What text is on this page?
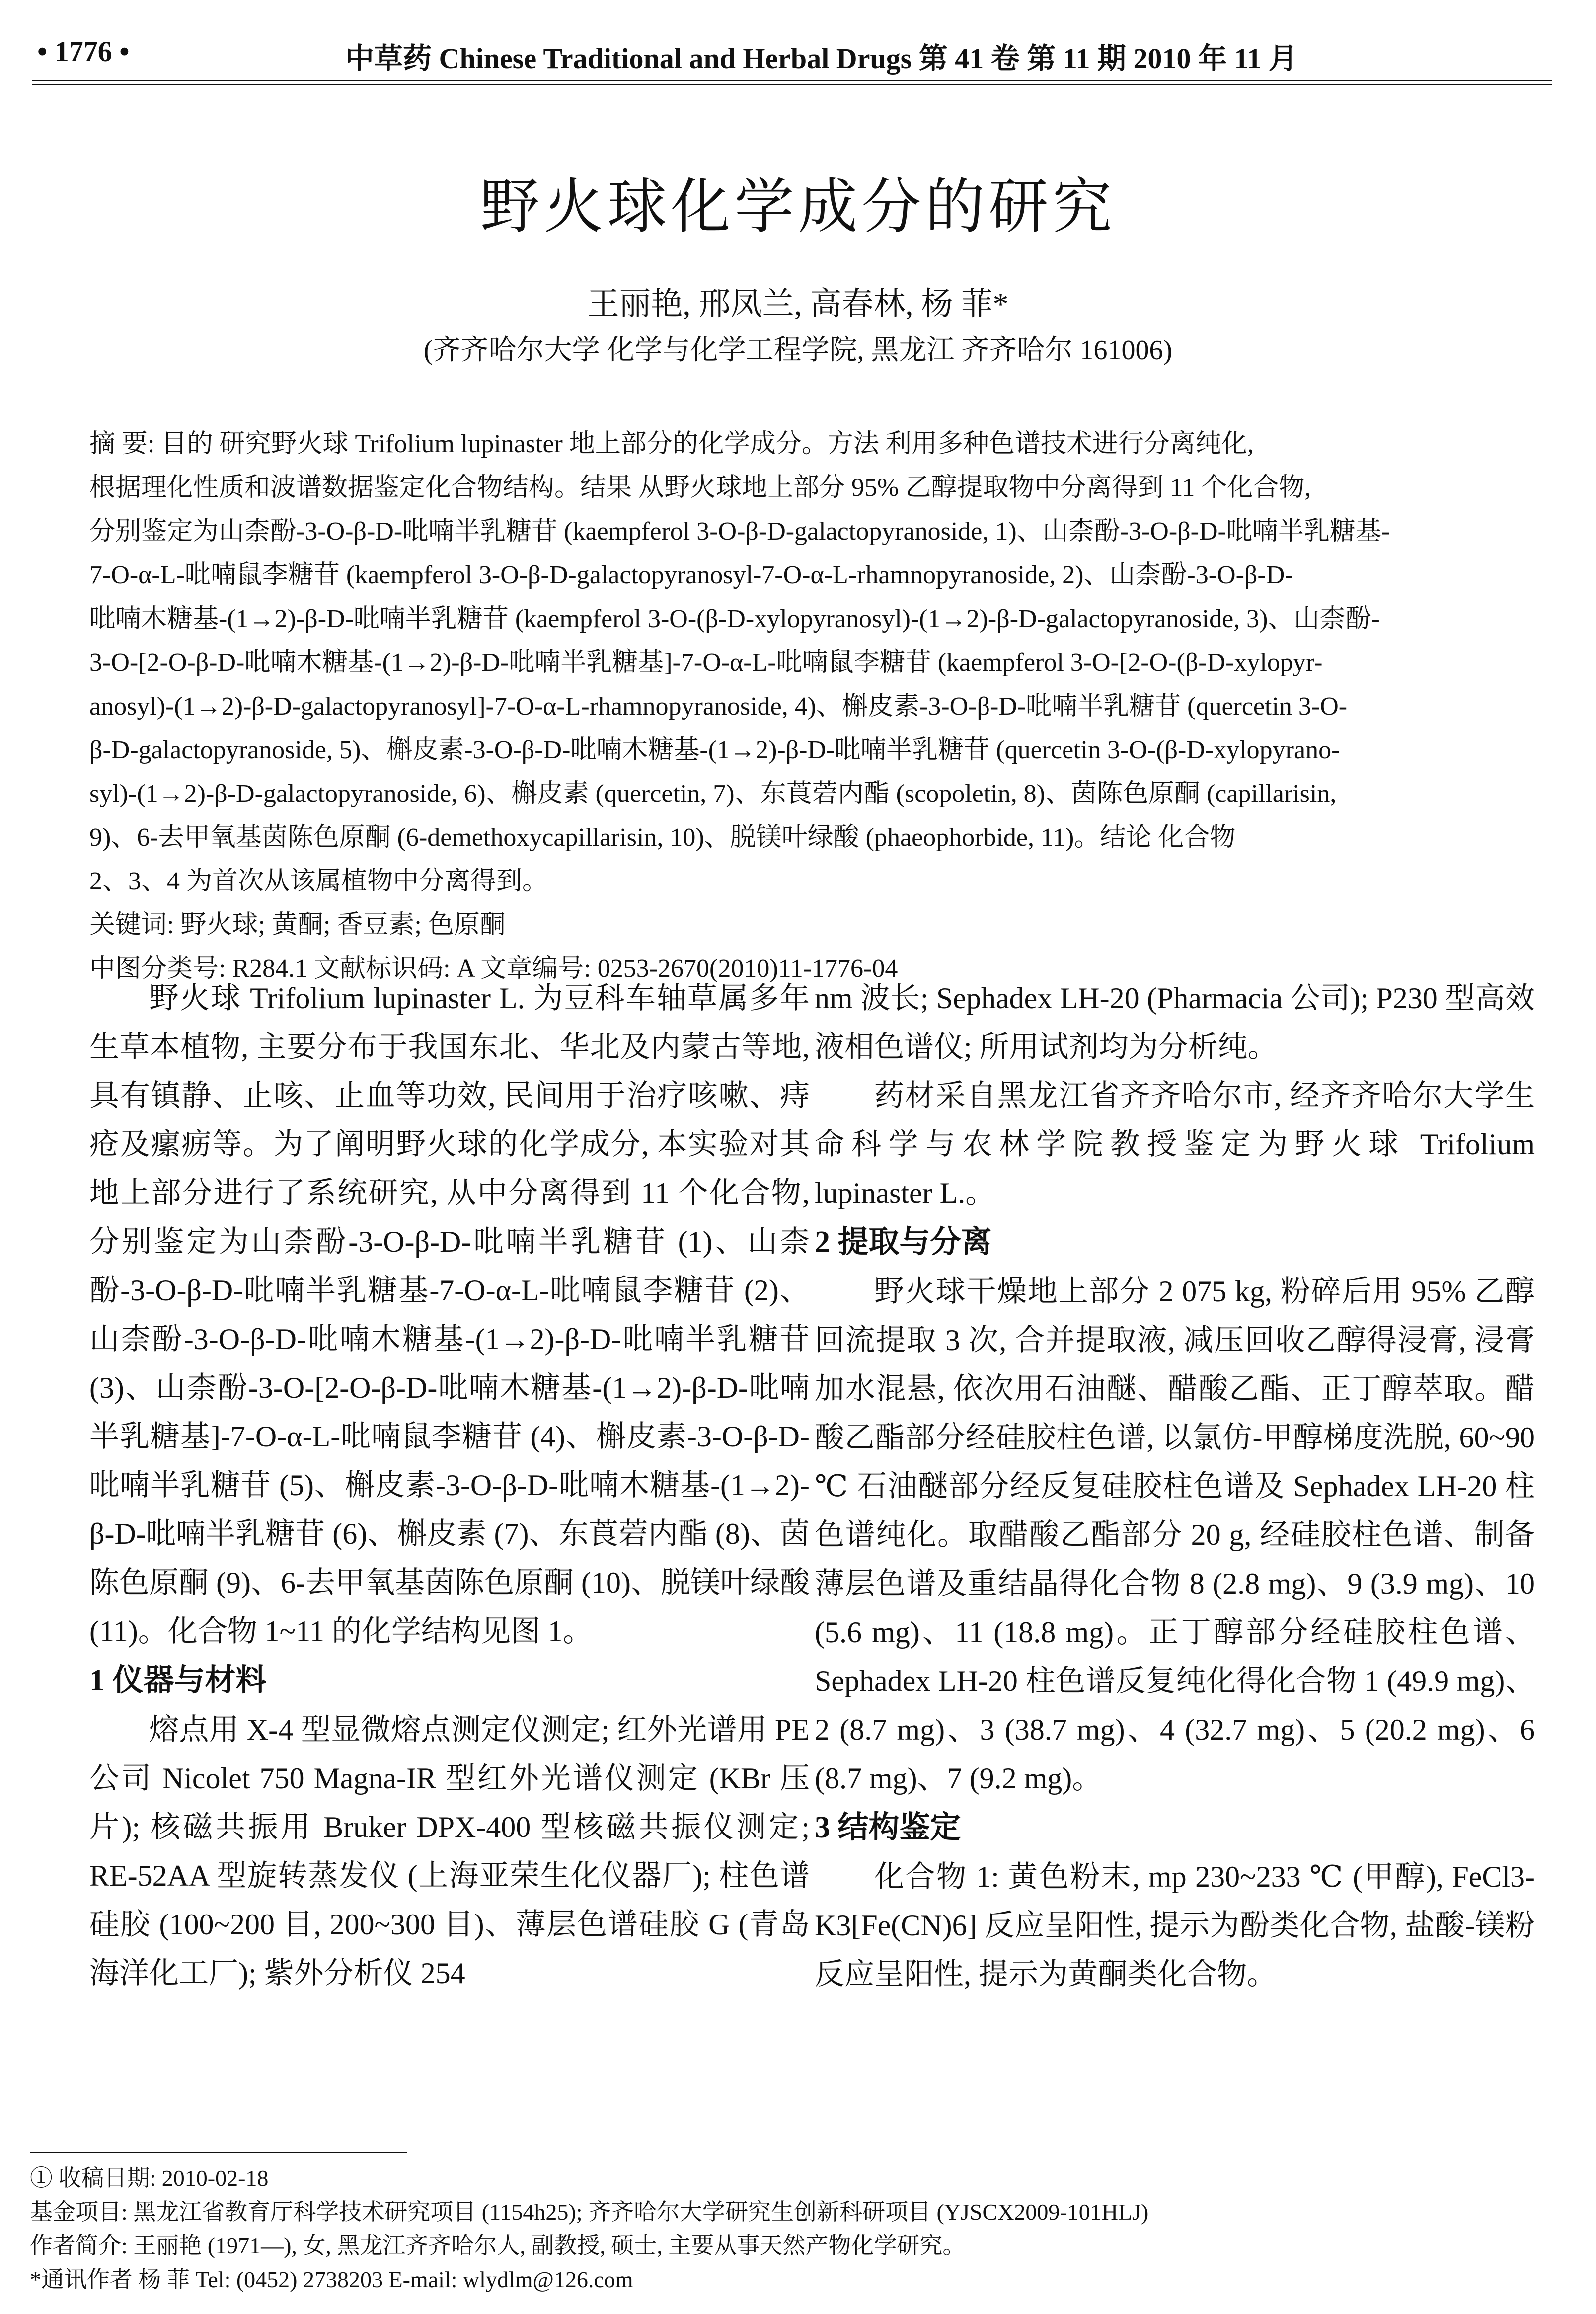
• 1776 •	中草药 Chinese Traditional and Herbal Drugs 第 41 卷 第 11 期 2010 年 11 月
野火球化学成分的研究
王丽艳, 邢凤兰, 高春林, 杨 菲*
(齐齐哈尔大学 化学与化学工程学院, 黑龙江 齐齐哈尔 161006)

摘 要: 目的 研究野火球 Trifolium lupinaster 地上部分的化学成分。方法 利用多种色谱技术进行分离纯化,

根据理化性质和波谱数据鉴定化合物结构。结果 从野火球地上部分 95% 乙醇提取物中分离得到 11 个化合物,

分别鉴定为山柰酚-3-O-β-D-吡喃半乳糖苷 (kaempferol 3-O-β-D-galactopyranoside, 1)、山柰酚-3-O-β-D-吡喃半乳糖基-

7-O-α-L-吡喃鼠李糖苷 (kaempferol 3-O-β-D-galactopyranosyl-7-O-α-L-rhamnopyranoside, 2)、山柰酚-3-O-β-D-

吡喃木糖基-(1→2)-β-D-吡喃半乳糖苷 (kaempferol 3-O-(β-D-xylopyranosyl)-(1→2)-β-D-galactopyranoside, 3)、山柰酚-

3-O-[2-O-β-D-吡喃木糖基-(1→2)-β-D-吡喃半乳糖基]-7-O-α-L-吡喃鼠李糖苷 (kaempferol 3-O-[2-O-(β-D-xylopyr-

anosyl)-(1→2)-β-D-galactopyranosyl]-7-O-α-L-rhamnopyranoside, 4)、槲皮素-3-O-β-D-吡喃半乳糖苷 (quercetin 3-O-

β-D-galactopyranoside, 5)、槲皮素-3-O-β-D-吡喃木糖基-(1→2)-β-D-吡喃半乳糖苷 (quercetin 3-O-(β-D-xylopyrano-

syl)-(1→2)-β-D-galactopyranoside, 6)、槲皮素 (quercetin, 7)、东莨菪内酯 (scopoletin, 8)、茵陈色原酮 (capillarisin,

9)、6-去甲氧基茵陈色原酮 (6-demethoxycapillarisin, 10)、脱镁叶绿酸 (phaeophorbide, 11)。结论 化合物

2、3、4 为首次从该属植物中分离得到。

关键词: 野火球; 黄酮; 香豆素; 色原酮

中图分类号: R284.1 文献标识码: A 文章编号: 0253-2670(2010)11-1776-04

野火球 Trifolium lupinaster L. 为豆科车轴草属多年生草本植物, 主要分布于我国东北、华北及内蒙古等地, 具有镇静、止咳、止血等功效, 民间用于治疗咳嗽、痔疮及瘰疬等。为了阐明野火球的化学成分, 本实验对其地上部分进行了系统研究, 从中分离得到 11 个化合物, 分别鉴定为山柰酚-3-O-β-D-吡喃半乳糖苷 (1)、山柰酚-3-O-β-D-吡喃半乳糖基-7-O-α-L-吡喃鼠李糖苷 (2)、山柰酚-3-O-β-D-吡喃木糖基-(1→2)-β-D-吡喃半乳糖苷 (3)、山柰酚-3-O-[2-O-β-D-吡喃木糖基-(1→2)-β-D-吡喃半乳糖基]-7-O-α-L-吡喃鼠李糖苷 (4)、槲皮素-3-O-β-D-吡喃半乳糖苷 (5)、槲皮素-3-O-β-D-吡喃木糖基-(1→2)-β-D-吡喃半乳糖苷 (6)、槲皮素 (7)、东莨菪内酯 (8)、茵陈色原酮 (9)、6-去甲氧基茵陈色原酮 (10)、脱镁叶绿酸 (11)。化合物 1~11 的化学结构见图 1。

1 仪器与材料

熔点用 X-4 型显微熔点测定仪测定; 红外光谱用 PE 公司 Nicolet 750 Magna-IR 型红外光谱仪测定 (KBr 压片); 核磁共振用 Bruker DPX-400 型核磁共振仪测定; RE-52AA 型旋转蒸发仪 (上海亚荣生化仪器厂); 柱色谱硅胶 (100~200 目, 200~300 目)、薄层色谱硅胶 G (青岛海洋化工厂); 紫外分析仪 254

nm 波长; Sephadex LH-20 (Pharmacia 公司); P230 型高效液相色谱仪; 所用试剂均为分析纯。

药材采自黑龙江省齐齐哈尔市, 经齐齐哈尔大学生命科学与农林学院教授鉴定为野火球 Trifolium lupinaster L.。

2 提取与分离

野火球干燥地上部分 2 075 kg, 粉碎后用 95% 乙醇回流提取 3 次, 合并提取液, 减压回收乙醇得浸膏, 浸膏加水混悬, 依次用石油醚、醋酸乙酯、正丁醇萃取。醋酸乙酯部分经硅胶柱色谱, 以氯仿-甲醇梯度洗脱, 60~90 ℃ 石油醚部分经反复硅胶柱色谱及 Sephadex LH-20 柱色谱纯化。取醋酸乙酯部分 20 g, 经硅胶柱色谱、制备薄层色谱及重结晶得化合物 8 (2.8 mg)、9 (3.9 mg)、10 (5.6 mg)、11 (18.8 mg)。正丁醇部分经硅胶柱色谱、Sephadex LH-20 柱色谱反复纯化得化合物 1 (49.9 mg)、2 (8.7 mg)、3 (38.7 mg)、4 (32.7 mg)、5 (20.2 mg)、6 (8.7 mg)、7 (9.2 mg)。

3 结构鉴定

化合物 1: 黄色粉末, mp 230~233 ℃ (甲醇), FeCl3-K3[Fe(CN)6] 反应呈阳性, 提示为酚类化合物, 盐酸-镁粉反应呈阳性, 提示为黄酮类化合物。

① 收稿日期: 2010-02-18

基金项目: 黑龙江省教育厅科学技术研究项目 (1154h25); 齐齐哈尔大学研究生创新科研项目 (YJSCX2009-101HLJ)

作者简介: 王丽艳 (1971—), 女, 黑龙江齐齐哈尔人, 副教授, 硕士, 主要从事天然产物化学研究。

*通讯作者 杨 菲 Tel: (0452) 2738203 E-mail: wlydlm@126.com
